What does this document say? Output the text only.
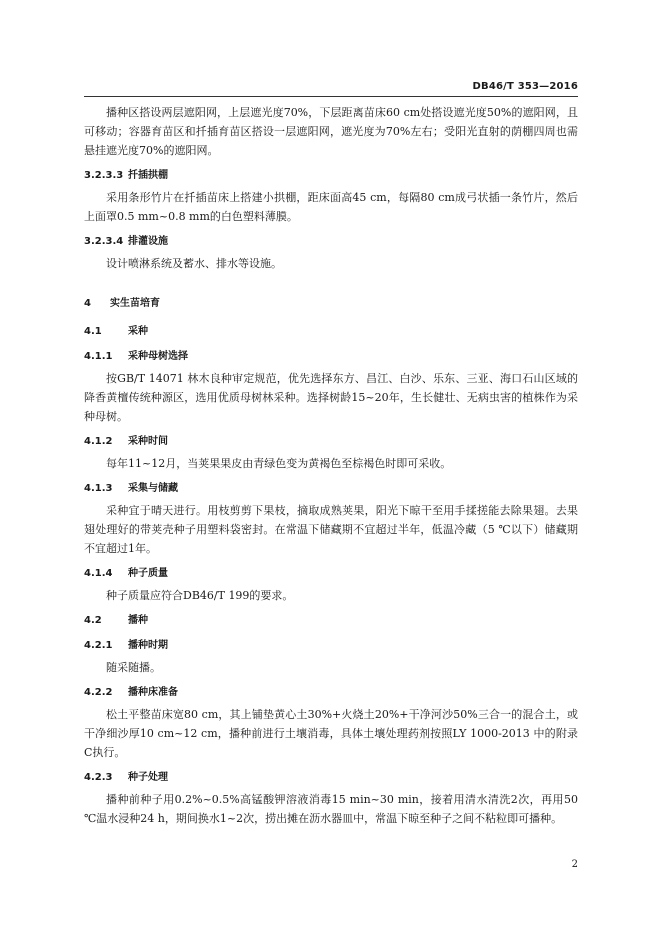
DB46/T 353—2016

播种区搭设两层遮阳网，上层遮光度70%，下层距离苗床60 cm处搭设遮光度50%的遮阳网，且可移动；容器育苗区和扦插育苗区搭设一层遮阳网，遮光度为70%左右；受阳光直射的荫棚四周也需悬挂遮光度70%的遮阳网。

3.2.3.3 扦插拱棚

采用条形竹片在扦插苗床上搭建小拱棚，距床面高45 cm，每隔80 cm成弓状插一条竹片，然后上面罩0.5 mm~0.8 mm的白色塑料薄膜。

3.2.3.4 排灌设施

设计喷淋系统及蓄水、排水等设施。

4 实生苗培育
4.1	采种
4.1.1 采种母树选择

按GB/T 14071 林木良种审定规范，优先选择东方、昌江、白沙、乐东、三亚、海口石山区域的降香黄檀传统种源区，选用优质母树林采种。选择树龄15~20年，生长健壮、无病虫害的植株作为采种母树。

4.1.2 采种时间

每年11~12月，当荚果果皮由青绿色变为黄褐色至棕褐色时即可采收。

4.1.3 采集与储藏

采种宜于晴天进行。用枝剪剪下果枝，摘取成熟荚果，阳光下晾干至用手揉搓能去除果翅。去果翅处理好的带荚壳种子用塑料袋密封。在常温下储藏期不宜超过半年，低温冷藏（5 ℃以下）储藏期不宜超过1年。

4.1.4 种子质量

种子质量应符合DB46/T 199的要求。

4.2	播种
4.2.1 播种时期

随采随播。

4.2.2 播种床准备

松土平整苗床宽80 cm，其上铺垫黄心土30%+火烧土20%+干净河沙50%三合一的混合土，或干净细沙厚10 cm~12 cm，播种前进行土壤消毒，具体土壤处理药剂按照LY 1000-2013 中的附录 C执行。

4.2.3 种子处理

播种前种子用0.2%~0.5%高锰酸钾溶液消毒15 min~30 min，接着用清水清洗2次，再用50 ℃温水浸种24 h，期间换水1~2次，捞出摊在沥水器皿中，常温下晾至种子之间不粘粒即可播种。

2
